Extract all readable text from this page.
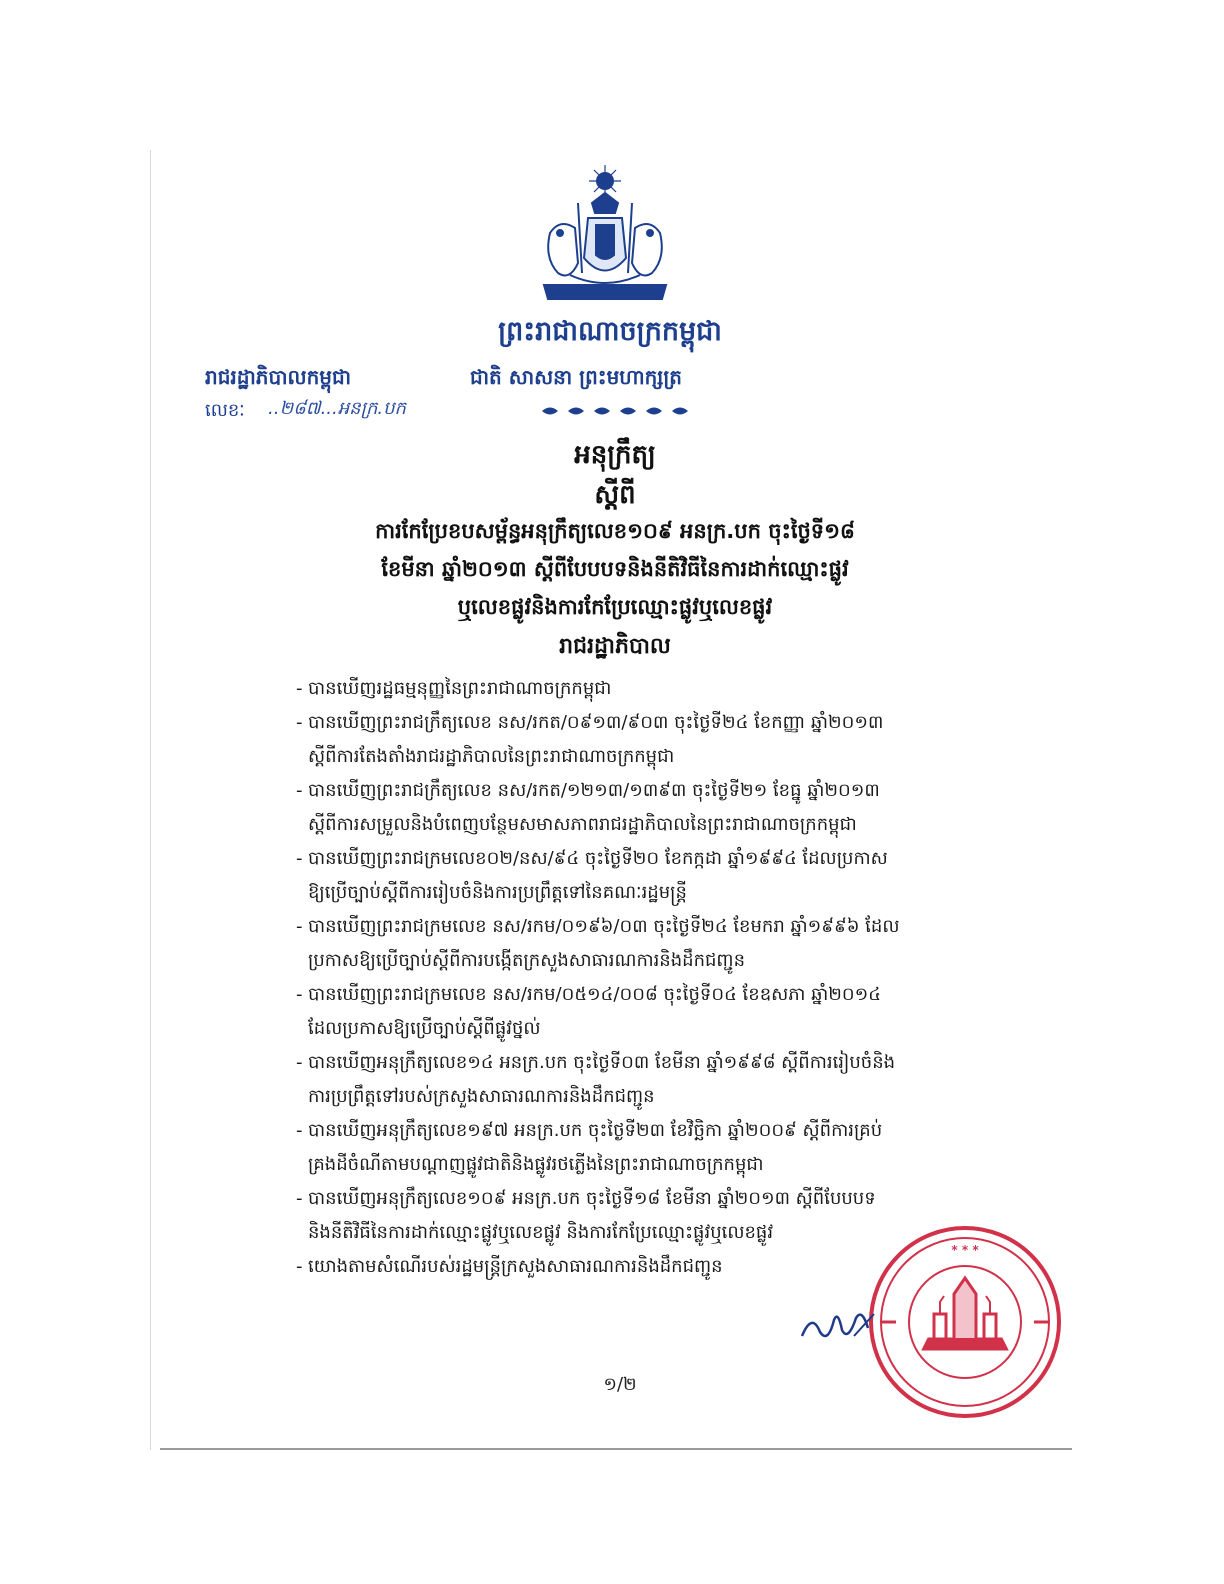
ព្រះរាជាណាចក្រកម្ពុជា
រាជរដ្ឋាភិបាលកម្ពុជា	ជាតិ សាសនា ព្រះមហាក្សត្រ
លេខៈ ..២៨៧...អនក្រ.បក
អនុក្រឹត្យ
ស្តីពី
ការកែប្រែខបសម្ព័ន្ធអនុក្រឹត្យលេខ១០៩ អនក្រ.បក ចុះថ្ងៃទី១៨
ខែមីនា ឆ្នាំ២០១៣ ស្តីពីបែបបទនិងនីតិវិធីនៃការដាក់ឈ្មោះផ្លូវ
ឬលេខផ្លូវនិងការកែប្រែឈ្មោះផ្លូវឬលេខផ្លូវ
រាជរដ្ឋាភិបាល
- បានឃើញរដ្ឋធម្មនុញ្ញនៃព្រះរាជាណាចក្រកម្ពុជា
- បានឃើញព្រះរាជក្រឹត្យលេខ នស/រកត/០៩១៣/៩០៣ ចុះថ្ងៃទី២៤ ខែកញ្ញា ឆ្នាំ២០១៣
ស្តីពីការតែងតាំងរាជរដ្ឋាភិបាលនៃព្រះរាជាណាចក្រកម្ពុជា
- បានឃើញព្រះរាជក្រឹត្យលេខ នស/រកត/១២១៣/១៣៩៣ ចុះថ្ងៃទី២១ ខែធ្នូ ឆ្នាំ២០១៣
ស្តីពីការសម្រួលនិងបំពេញបន្ថែមសមាសភាពរាជរដ្ឋាភិបាលនៃព្រះរាជាណាចក្រកម្ពុជា
- បានឃើញព្រះរាជក្រមលេខ០២/នស/៩៤ ចុះថ្ងៃទី២០ ខែកក្កដា ឆ្នាំ១៩៩៤ ដែលប្រកាស
ឱ្យប្រើច្បាប់ស្តីពីការរៀបចំនិងការប្រព្រឹត្តទៅនៃគណៈរដ្ឋមន្ត្រី
- បានឃើញព្រះរាជក្រមលេខ នស/រកម/០១៩៦/០៣ ចុះថ្ងៃទី២៤ ខែមករា ឆ្នាំ១៩៩៦ ដែល
ប្រកាសឱ្យប្រើច្បាប់ស្តីពីការបង្កើតក្រសួងសាធារណការនិងដឹកជញ្ជូន
- បានឃើញព្រះរាជក្រមលេខ នស/រកម/០៥១៤/០០៨ ចុះថ្ងៃទី០៤ ខែឧសភា ឆ្នាំ២០១៤
ដែលប្រកាសឱ្យប្រើច្បាប់ស្តីពីផ្លូវថ្នល់
- បានឃើញអនុក្រឹត្យលេខ១៤ អនក្រ.បក ចុះថ្ងៃទី០៣ ខែមីនា ឆ្នាំ១៩៩៨ ស្តីពីការរៀបចំនិង
ការប្រព្រឹត្តទៅរបស់ក្រសួងសាធារណការនិងដឹកជញ្ជូន
- បានឃើញអនុក្រឹត្យលេខ១៩៧ អនក្រ.បក ចុះថ្ងៃទី២៣ ខែវិច្ឆិកា ឆ្នាំ២០០៩ ស្តីពីការគ្រប់
គ្រងដីចំណីតាមបណ្តាញផ្លូវជាតិនិងផ្លូវរថភ្លើងនៃព្រះរាជាណាចក្រកម្ពុជា
- បានឃើញអនុក្រឹត្យលេខ១០៩ អនក្រ.បក ចុះថ្ងៃទី១៨ ខែមីនា ឆ្នាំ២០១៣ ស្តីពីបែបបទ
និងនីតិវិធីនៃការដាក់ឈ្មោះផ្លូវឬលេខផ្លូវ និងការកែប្រែឈ្មោះផ្លូវឬលេខផ្លូវ
- យោងតាមសំណើរបស់រដ្ឋមន្ត្រីក្រសួងសាធារណការនិងដឹកជញ្ជូន
១/២
* * *
